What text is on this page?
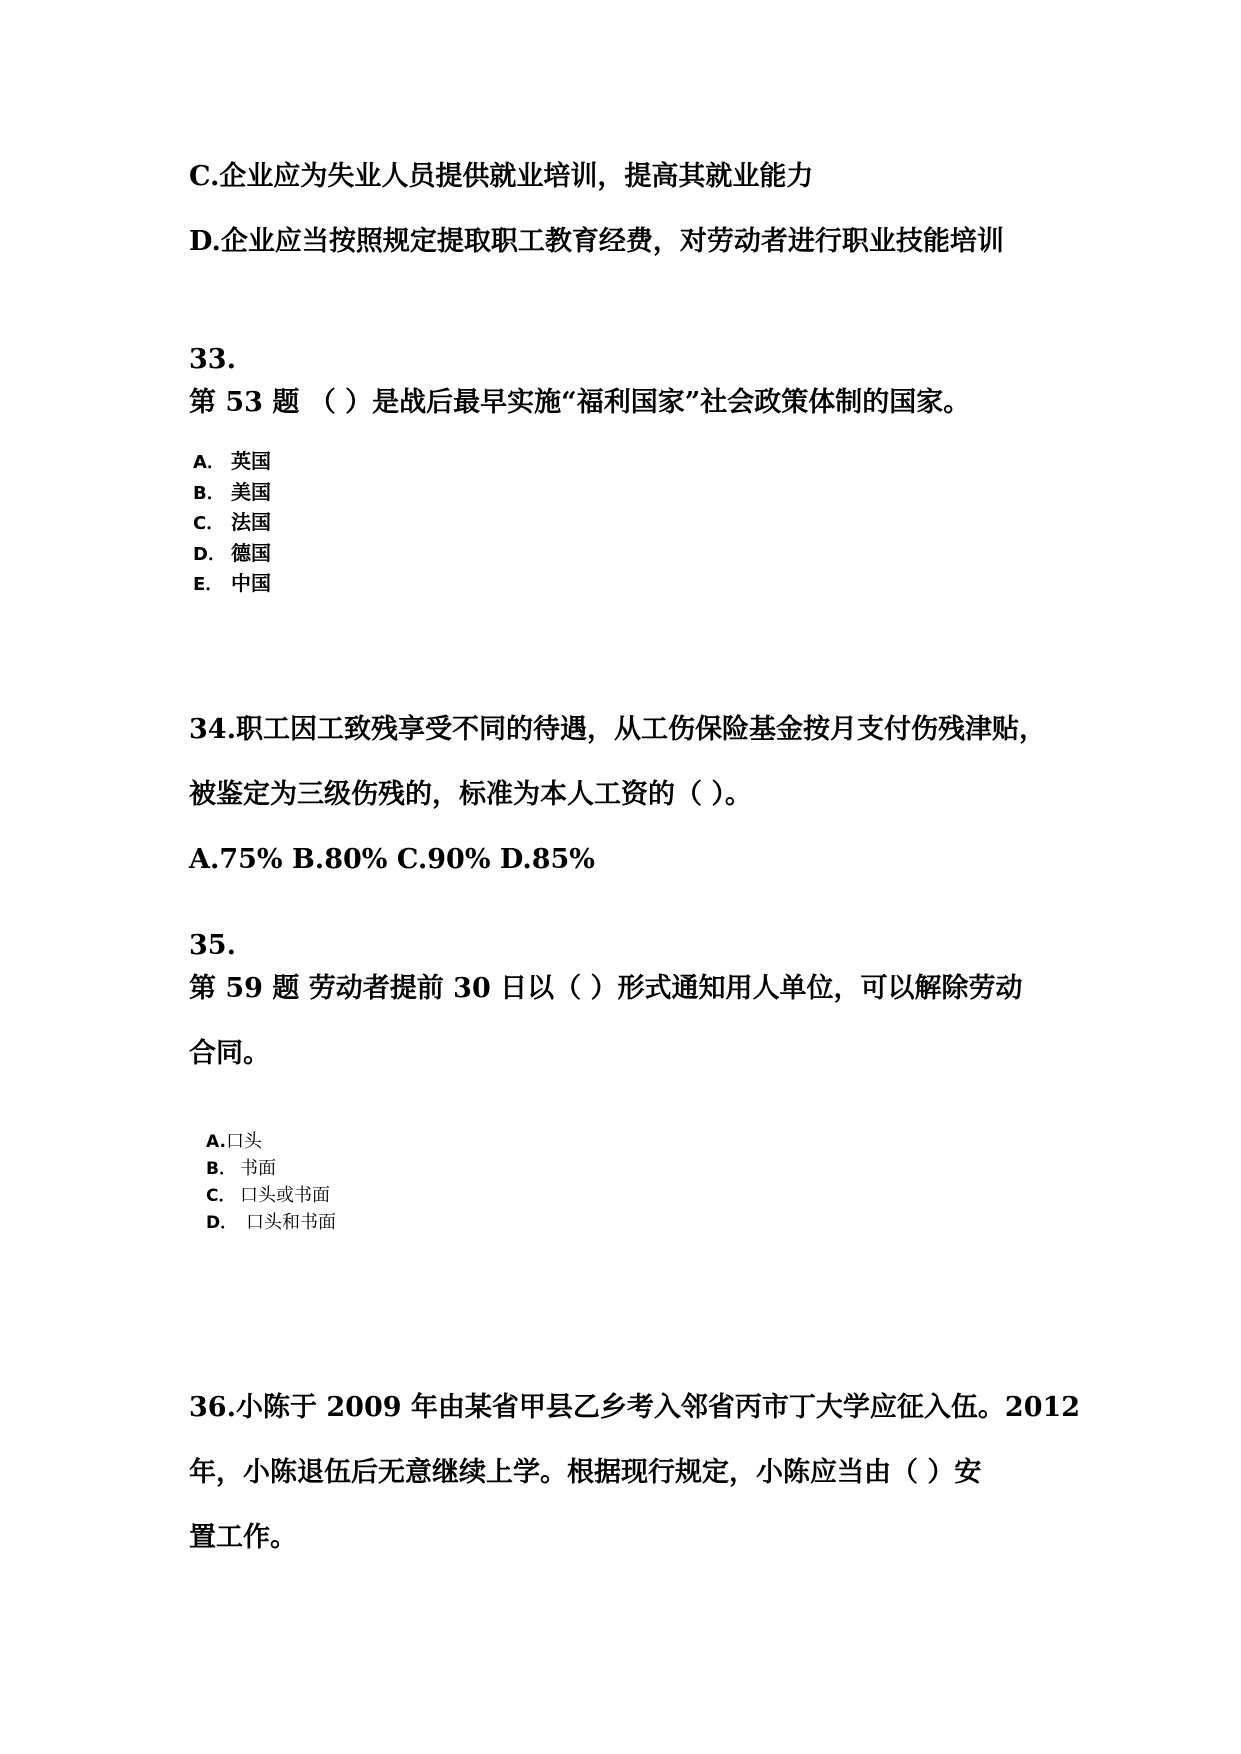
C.企业应为失业人员提供就业培训，提高其就业能力
D.企业应当按照规定提取职工教育经费，对劳动者进行职业技能培训
33.
第 53 题 （ ）是战后最早实施“福利国家”社会政策体制的国家。
A． 英国
B． 美国
C． 法国
D． 德国
E． 中国
34.职工因工致残享受不同的待遇，从工伤保险基金按月支付伤残津贴，
被鉴定为三级伤残的，标准为本人工资的（ ）。
A.75% B.80% C.90% D.85%
35.
第 59 题 劳动者提前 30 日以（ ）形式通知用人单位，可以解除劳动
合同。
A.口头
B． 书面
C． 口头或书面
D． 口头和书面
36.小陈于 2009 年由某省甲县乙乡考入邻省丙市丁大学应征入伍。2012
年，小陈退伍后无意继续上学。根据现行规定，小陈应当由（ ）安
置工作。
